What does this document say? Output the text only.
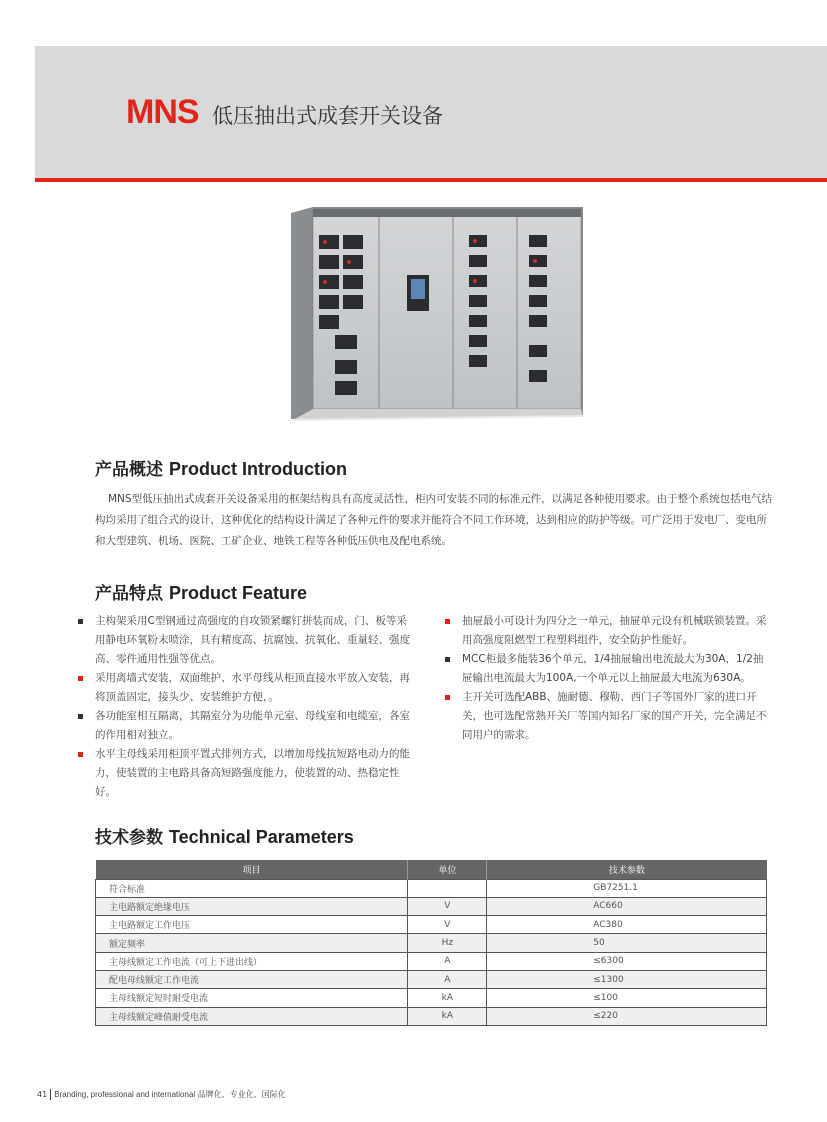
MNS 低压抽出式成套开关设备
产品概述 Product Introduction
MNS型低压抽出式成套开关设备采用的框架结构具有高度灵活性，柜内可安装不同的标准元件，以满足各种使用要求。由于整个系统包括电气结构均采用了组合式的设计，这种优化的结构设计满足了各种元件的要求并能符合不同工作环境，达到相应的防护等级。可广泛用于发电厂、变电所和大型建筑、机场、医院、工矿企业、地铁工程等各种低压供电及配电系统。
产品特点 Product Feature
主构架采用C型钢通过高强度的自攻锁紧螺钉拼装而成，门、板等采用静电环氧粉末喷涂，具有精度高、抗腐蚀、抗氧化、重量轻、强度高、零件通用性强等优点。
采用离墙式安装，双面维护、水平母线从柜顶直接水平放入安装，再将顶盖固定，接头少、安装维护方便，。
各功能室相互隔离，其隔室分为功能单元室、母线室和电缆室，各室的作用相对独立。
水平主母线采用柜顶平置式排列方式，以增加母线抗短路电动力的能力，使装置的主电路具备高短路强度能力，使装置的动、热稳定性好。
抽屉最小可设计为四分之一单元，抽屉单元设有机械联锁装置。采用高强度阻燃型工程塑料组件，安全防护性能好。
MCC柜最多能装36个单元，1/4抽屉输出电流最大为30A，1/2抽屉输出电流最大为100A,一个单元以上抽屉最大电流为630A。
主开关可选配ABB、施耐德、穆勒、西门子等国外厂家的进口开关，也可选配常熟开关厂等国内知名厂家的国产开关，完全满足不同用户的需求。
技术参数 Technical Parameters
项目	单位	技术参数
符合标准		GB7251.1
主电路额定绝缘电压	V	AC660
主电路额定工作电压	V	AC380
额定频率	Hz	50
主母线额定工作电流（可上下进出线）	A	≤6300
配电母线额定工作电流	A	≤1300
主母线额定短时耐受电流	kA	≤100
主母线额定峰值耐受电流	kA	≤220
41 Branding, professional and international 品牌化、专业化、国际化
